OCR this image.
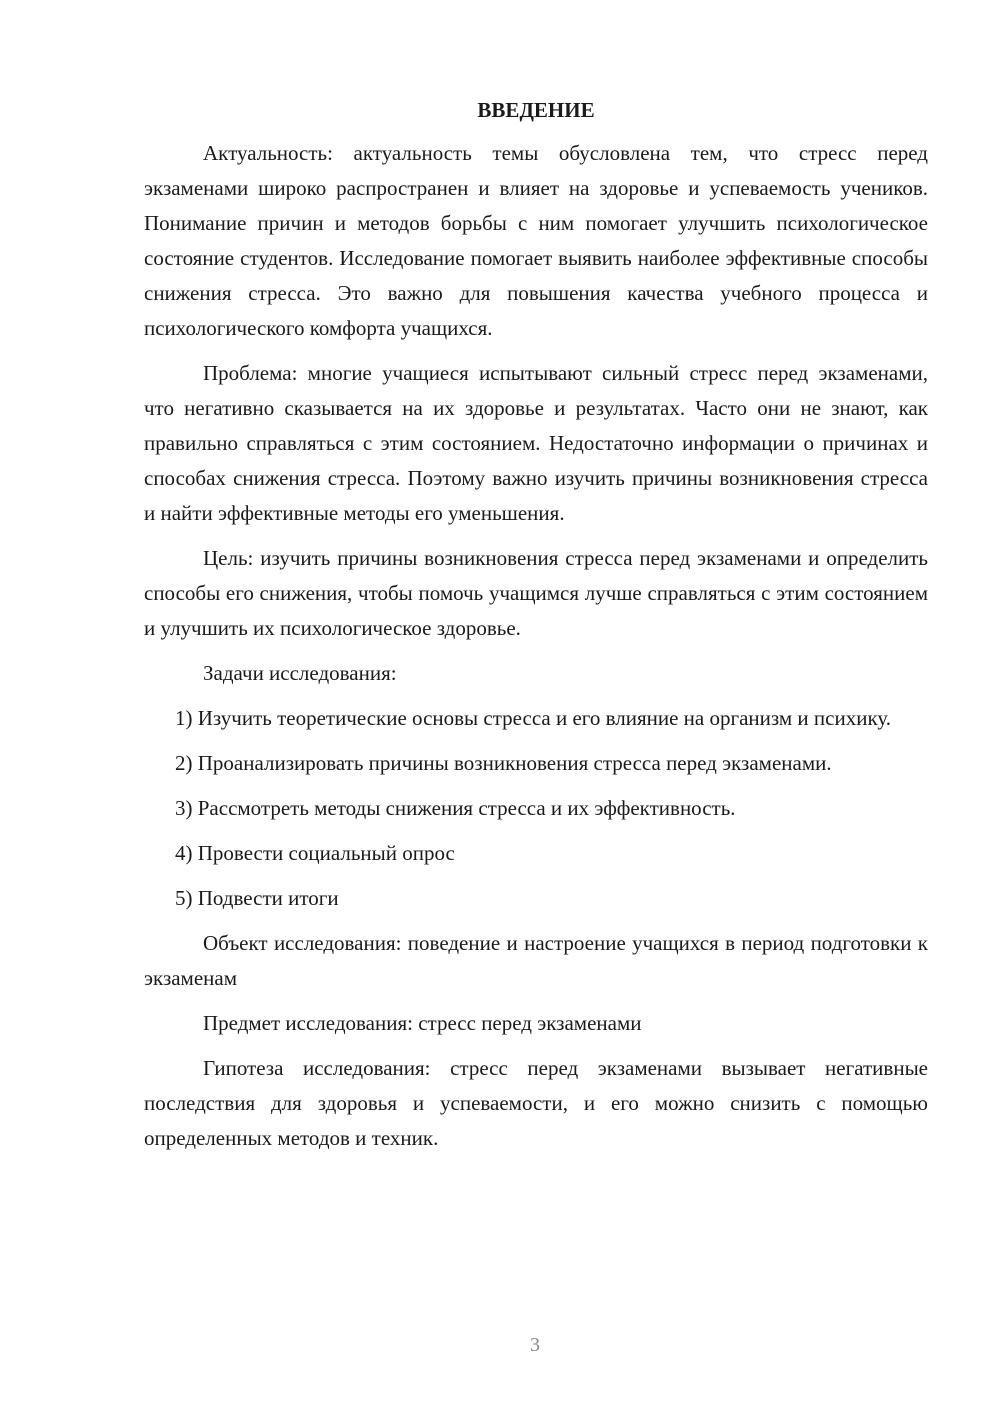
ВВЕДЕНИЕ

Актуальность: актуальность темы обусловлена тем, что стресс перед экзаменами широко распространен и влияет на здоровье и успеваемость учеников. Понимание причин и методов борьбы с ним помогает улучшить психологическое состояние студентов. Исследование помогает выявить наиболее эффективные способы снижения стресса. Это важно для повышения качества учебного процесса и психологического комфорта учащихся.

Проблема: многие учащиеся испытывают сильный стресс перед экзаменами, что негативно сказывается на их здоровье и результатах. Часто они не знают, как правильно справляться с этим состоянием. Недостаточно информации о причинах и способах снижения стресса. Поэтому важно изучить причины возникновения стресса и найти эффективные методы его уменьшения.

Цель: изучить причины возникновения стресса перед экзаменами и определить способы его снижения, чтобы помочь учащимся лучше справляться с этим состоянием и улучшить их психологическое здоровье.

Задачи исследования:

1) Изучить теоретические основы стресса и его влияние на организм и психику.

2) Проанализировать причины возникновения стресса перед экзаменами.

3) Рассмотреть методы снижения стресса и их эффективность.

4) Провести социальный опрос

5) Подвести итоги

Объект исследования: поведение и настроение учащихся в период подготовки к экзаменам

Предмет исследования: стресс перед экзаменами

Гипотеза исследования: стресс перед экзаменами вызывает негативные последствия для здоровья и успеваемости, и его можно снизить с помощью определенных методов и техник.

3
